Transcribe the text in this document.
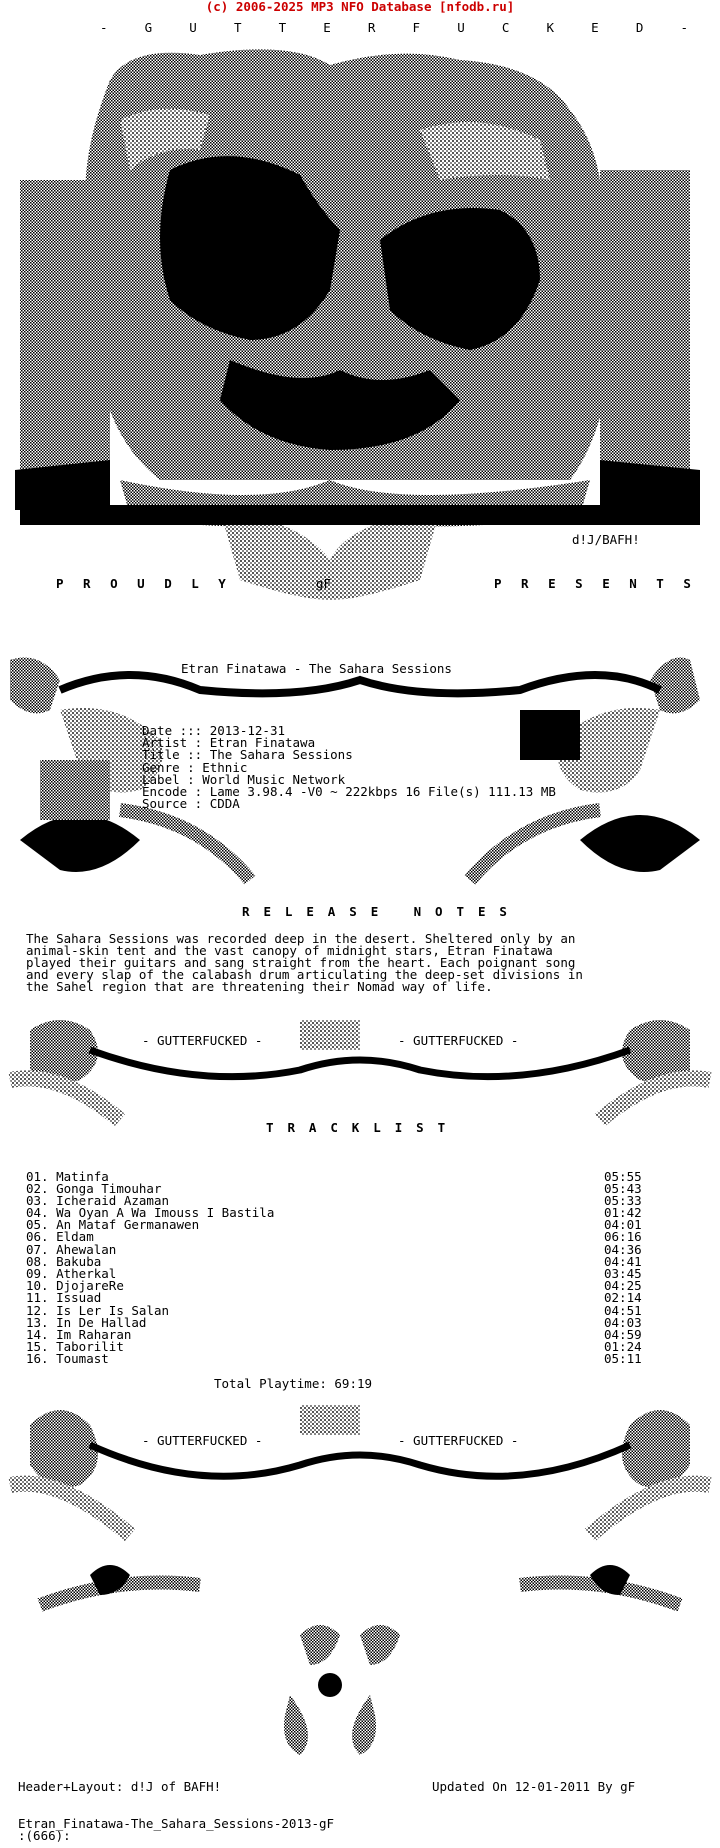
(c) 2006-2025 MP3 NFO Database [nfodb.ru]
- G U T T E R F U C K E D -
d!J/BAFH!
P R O U D L Y	gF	P R E S E N T S
Etran Finatawa - The Sahara Sessions
Date ::: 2013-12-31
Artist : Etran Finatawa
Title :: The Sahara Sessions
Genre : Ethnic
Label : World Music Network
Encode : Lame 3.98.4 -V0 ~ 222kbps 16 File(s) 111.13 MB
Source : CDDA
R E L E A S E   N O T E S
The Sahara Sessions was recorded deep in the desert. Sheltered only by an
animal-skin tent and the vast canopy of midnight stars, Etran Finatawa
played their guitars and sang straight from the heart. Each poignant song
and every slap of the calabash drum articulating the deep-set divisions in
the Sahel region that are threatening their Nomad way of life.
- GUTTERFUCKED -	- GUTTERFUCKED -
T R A C K L I S T
01. Matinfa	05:55
02. Gonga Timouhar	05:43
03. Icheraid Azaman	05:33
04. Wa Oyan A Wa Imouss I Bastila	01:42
05. An Mataf Germanawen	04:01
06. Eldam	06:16
07. Ahewalan	04:36
08. Bakuba	04:41
09. Atherkal	03:45
10. DjojareRe	04:25
11. Issuad	02:14
12. Is Ler Is Salan	04:51
13. In De Hallad	04:03
14. Im Raharan	04:59
15. Taborilit	01:24
16. Toumast	05:11
Total Playtime: 69:19
- GUTTERFUCKED -	- GUTTERFUCKED -
Header+Layout: d!J of BAFH!	Updated On 12-01-2011 By gF
Etran_Finatawa-The_Sahara_Sessions-2013-gF
:(666):
